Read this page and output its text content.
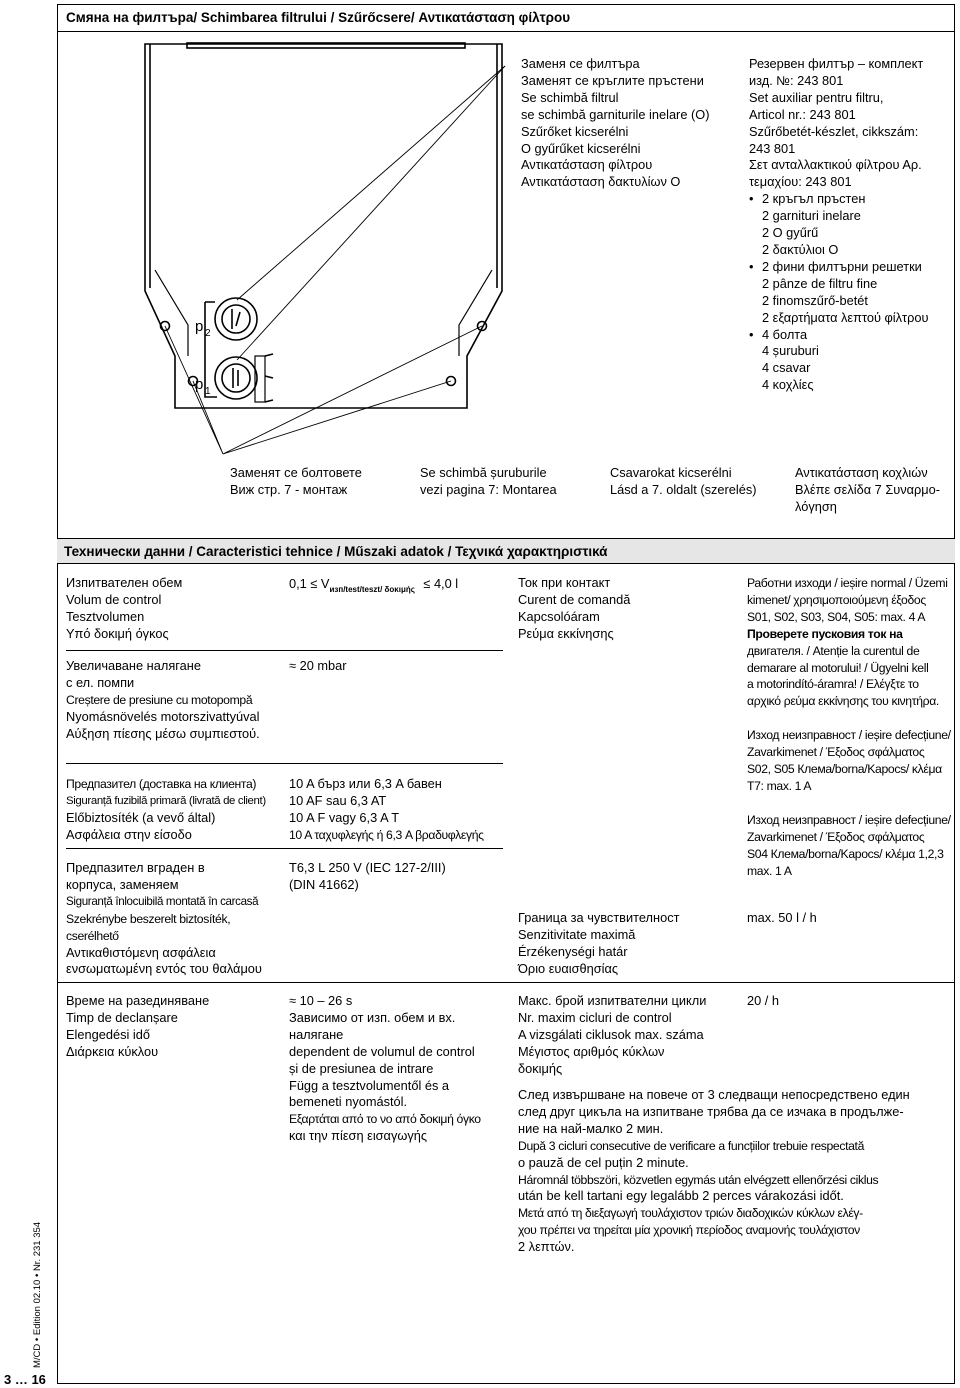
Смяна на филтъра/ Schimbarea filtrului / Szűrőcsere/ Αντικατάσταση φίλτρου
p 2
p 1
Заменя се филтъра
Заменят се кръглите пръстени
Se schimbă filtrul
se schimbă garniturile inelare (O)
Szűrőket kicserélni
O gyűrűket kicserélni
Αντικατάσταση φίλτρου
Αντικατάσταση δακτυλίων O
Резервен филтър – комплект
изд. №: 243 801
Set auxiliar pentru filtru,
Articol nr.: 243 801
Szűrőbetét-készlet, cikkszám:
243 801
Σετ ανταλλακτικού φίλτρου Αρ.
τεμαχίου: 243 801
• 2 кръгъл пръстен
2 garnituri inelare
2 O gyűrű
2 δακτύλιοι O
• 2 фини филтърни решетки
2 pânze de filtru fine
2 finomszűrő-betét
2 εξαρτήματα λεπτού φίλτρου
• 4 болта
4 șuruburi
4 csavar
4 κοχλίες
Заменят се болтовете
Виж стр. 7 - монтаж
Se schimbă șuruburile
vezi pagina 7: Montarea
Csavarokat kicserélni
Lásd a 7. oldalt (szerelés)
Αντικατάσταση κοχλιών
Βλέπε σελίδα 7 Συναρμο-
λόγηση
Технически данни / Caracteristici tehnice / Műszaki adatok / Τεχνικά χαρακτηριστικά
Изпитвателен обем
Volum de control
Tesztvolumen
Υπό δοκιμή όγκος
$0,1 \le V_{изп/test/teszt/ \delta o\kappa\iota\mu ή\varsigma} \le 4,0$ l
Увеличаване налягане
с ел. помпи
Creștere de presiune cu motopompă
Nyomásnövelés motorszivattyúval
Αύξηση πίεσης μέσω συμπιεστού.
≈ 20 mbar
Предпазител (доставка на клиента)
Siguranță fuzibilă primară (livrată de client)
Előbiztosíték (a vevő által)
Ασφάλεια στην είσοδο
10 A бърз или 6,3 A бавен
10 AF sau 6,3 AT
10 A F vagy 6,3 A T
10 A ταχυφλεγής ή 6,3 A βραδυφλεγής
Предпазител вграден в
корпуса, заменяем
Siguranță înlocuibilă montată în carcasă
Szekrénybe beszerelt biztosíték,
cserélhető
Αντικαθιστόμενη ασφάλεια
ενσωματωμένη εντός του θαλάμου
T6,3 L 250 V (IEC 127-2/III)
(DIN 41662)
Време на разединяване
Timp de declanșare
Elengedési idő
Διάρκεια κύκλου
≈ 10 – 26 s
Зависимо от изп. обем и вх.
налягане
dependent de volumul de control
și de presiunea de intrare
Függ a tesztvolumentől és a
bemeneti nyomástól.
Εξαρτάται από το νο από δοκιμή όγκο
και την πίεση εισαγωγής
Ток при контакт
Curent de comandă
Kapcsolóáram
Ρεύμα εκκίνησης
Работни изходи / ieșire normal / Üzemi
kimenet/ χρησιμοποιούμενη έξοδος
S01, S02, S03, S04, S05: max. 4 A
Проверете пусковия ток на
двигателя. / Atenție la curentul de
demarare al motorului! / Ügyelni kell
a motorindító-áramra! / Ελέγξτε το
αρχικό ρεύμα εκκίνησης του κινητήρα.
Изход неизправност / ieșire defecțiune/
Zavarkimenet / Έξοδος σφάλματος
S02, S05 Клема/borna/Kapocs/ κλέμα
T7: max. 1 A
Изход неизправност / ieșire defecțiune/
Zavarkimenet / Έξοδος σφάλματος
S04 Клема/borna/Kapocs/ κλέμα 1,2,3
max. 1 A
Граница за чувствителност
Senzitivitate maximă
Érzékenységi határ
Όριο ευαισθησίας
max. 50 l / h
Макс. брой изпитвателни цикли
Nr. maxim cicluri de control
A vizsgálati ciklusok max. száma
Μέγιστος αριθμός κύκλων
δοκιμής
20 / h
След извършване на повече от 3 следващи непосредствено един
след друг цикъла на изпитване трябва да се изчака в продълже-
ние на най-малко 2 мин.
După 3 cicluri consecutive de verificare a funcțiilor trebuie respectată
o pauză de cel puțin 2 minute.
Háromnál többszöri, közvetlen egymás után elvégzett ellenőrzési ciklus
után be kell tartani egy legalább 2 perces várakozási időt.
Μετά από τη διεξαγωγή τουλάχιστον τριών διαδοχικών κύκλων ελέγ-
χου πρέπει να τηρείται μία χρονική περίοδος αναμονής τουλάχιστον
2 λεπτών.
M/CD • Edition 02.10 • Nr. 231 354
3 … 16
